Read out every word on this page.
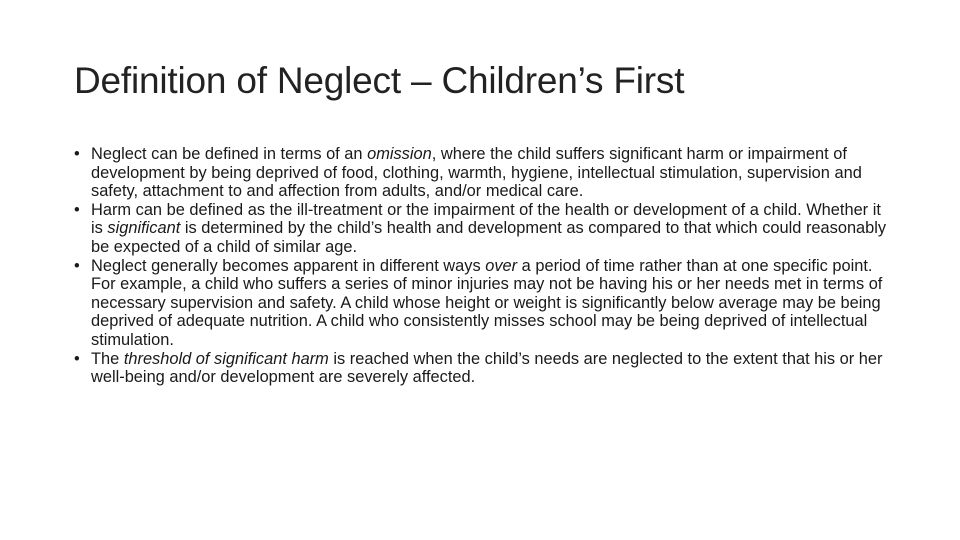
Definition of Neglect – Children’s First
• Neglect can be defined in terms of an omission, where the child suffers significant harm or impairment of development by being deprived of food, clothing, warmth, hygiene, intellectual stimulation, supervision and safety, attachment to and affection from adults, and/or medical care.
• Harm can be defined as the ill-treatment or the impairment of the health or development of a child. Whether it is significant is determined by the child’s health and development as compared to that which could reasonably be expected of a child of similar age.
• Neglect generally becomes apparent in different ways over a period of time rather than at one specific point. For example, a child who suffers a series of minor injuries may not be having his or her needs met in terms of necessary supervision and safety. A child whose height or weight is significantly below average may be being deprived of adequate nutrition. A child who consistently misses school may be being deprived of intellectual stimulation.
• The threshold of significant harm is reached when the child’s needs are neglected to the extent that his or her well-being and/or development are severely affected.
